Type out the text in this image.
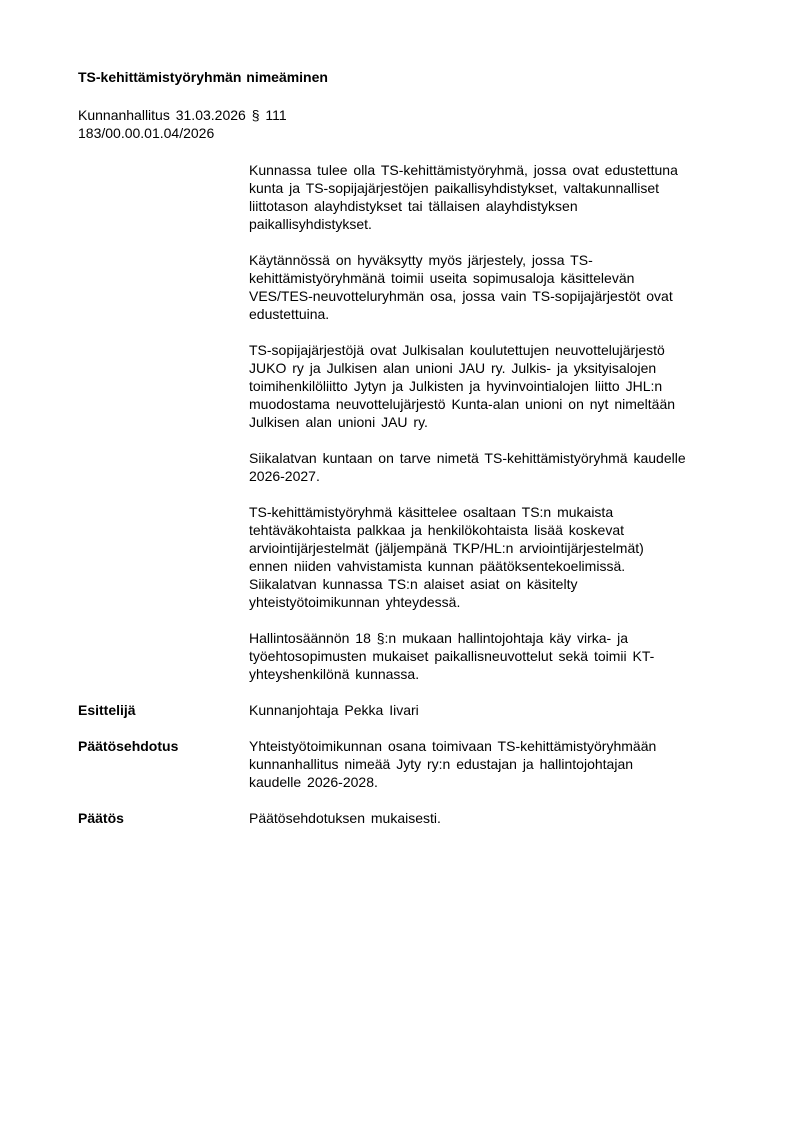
TS-kehittämistyöryhmän nimeäminen
Kunnanhallitus 31.03.2026 § 111
183/00.00.01.04/2026
Kunnassa tulee olla TS-kehittämistyöryhmä, jossa ovat edustettuna
kunta ja TS-sopijajärjestöjen paikallisyhdistykset, valtakunnalliset
liittotason alayhdistykset tai tällaisen alayhdistyksen
paikallisyhdistykset.
Käytännössä on hyväksytty myös järjestely, jossa TS-
kehittämistyöryhmänä toimii useita sopimusaloja käsittelevän
VES/TES-neuvotteluryhmän osa, jossa vain TS-sopijajärjestöt ovat
edustettuina.
TS-sopijajärjestöjä ovat Julkisalan koulutettujen neuvottelujärjestö
JUKO ry ja Julkisen alan unioni JAU ry. Julkis- ja yksityisalojen
toimihenkilöliitto Jytyn ja Julkisten ja hyvinvointialojen liitto JHL:n
muodostama neuvottelujärjestö Kunta-alan unioni on nyt nimeltään
Julkisen alan unioni JAU ry.
Siikalatvan kuntaan on tarve nimetä TS-kehittämistyöryhmä kaudelle
2026-2027.
TS-kehittämistyöryhmä käsittelee osaltaan TS:n mukaista
tehtäväkohtaista palkkaa ja henkilökohtaista lisää koskevat
arviointijärjestelmät (jäljempänä TKP/HL:n arviointijärjestelmät)
ennen niiden vahvistamista kunnan päätöksentekoelimissä.
Siikalatvan kunnassa TS:n alaiset asiat on käsitelty
yhteistyötoimikunnan yhteydessä.
Hallintosäännön 18 §:n mukaan hallintojohtaja käy virka- ja
työehtosopimusten mukaiset paikallisneuvottelut sekä toimii KT-
yhteyshenkilönä kunnassa.
Esittelijä	Kunnanjohtaja Pekka Iivari
Päätösehdotus	Yhteistyötoimikunnan osana toimivaan TS-kehittämistyöryhmään
kunnanhallitus nimeää Jyty ry:n edustajan ja hallintojohtajan
kaudelle 2026-2028.
Päätös	Päätösehdotuksen mukaisesti.
